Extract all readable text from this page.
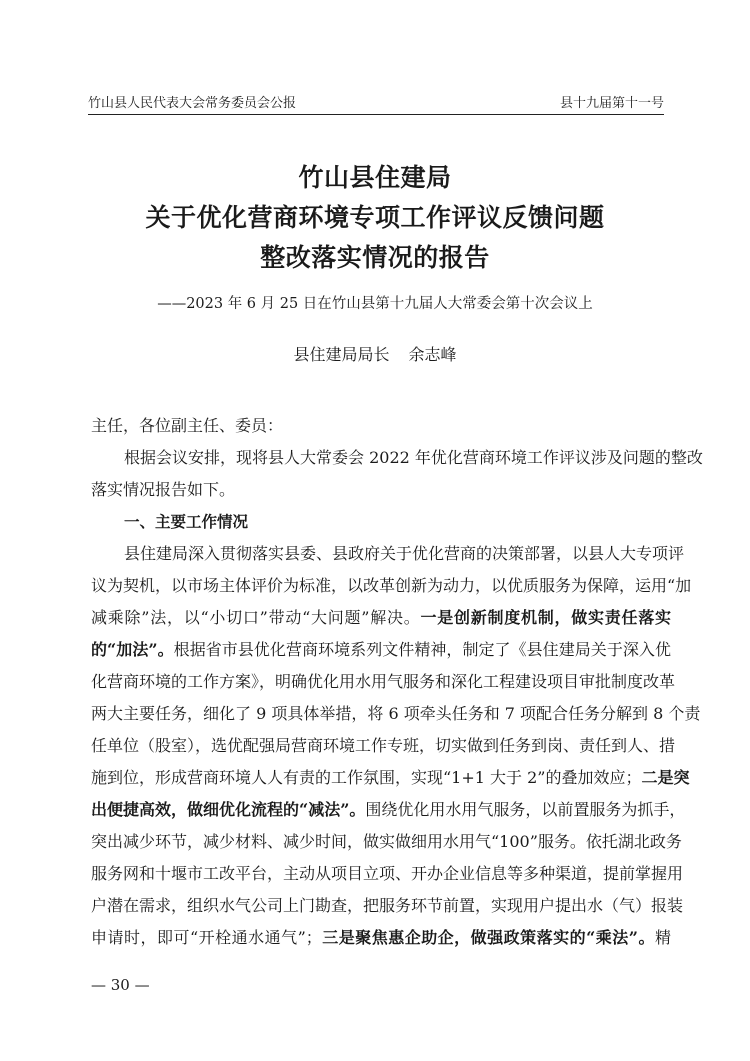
竹山县人民代表大会常务委员会公报	县十九届第十一号
竹山县住建局
关于优化营商环境专项工作评议反馈问题
整改落实情况的报告
——2023 年 6 月 25 日在竹山县第十九届人大常委会第十次会议上
县住建局局长 余志峰
主任，各位副主任、委员：
根据会议安排，现将县人大常委会 2022 年优化营商环境工作评议涉及问题的整改
落实情况报告如下。
一、主要工作情况
县住建局深入贯彻落实县委、县政府关于优化营商的决策部署，以县人大专项评
议为契机，以市场主体评价为标准，以改革创新为动力，以优质服务为保障，运用“加
减乘除”法，以“小切口”带动“大问题”解决。一是创新制度机制，做实责任落实
的“加法”。根据省市县优化营商环境系列文件精神，制定了《县住建局关于深入优
化营商环境的工作方案》，明确优化用水用气服务和深化工程建设项目审批制度改革
两大主要任务，细化了 9 项具体举措，将 6 项牵头任务和 7 项配合任务分解到 8 个责
任单位（股室），选优配强局营商环境工作专班，切实做到任务到岗、责任到人、措
施到位，形成营商环境人人有责的工作氛围，实现“1+1 大于 2”的叠加效应；二是突
出便捷高效，做细优化流程的“减法”。围绕优化用水用气服务，以前置服务为抓手，
突出减少环节，减少材料、减少时间，做实做细用水用气“100”服务。依托湖北政务
服务网和十堰市工改平台，主动从项目立项、开办企业信息等多种渠道，提前掌握用
户潜在需求，组织水气公司上门勘查，把服务环节前置，实现用户提出水（气）报装
申请时，即可“开栓通水通气”；三是聚焦惠企助企，做强政策落实的“乘法”。精
— 30 —
